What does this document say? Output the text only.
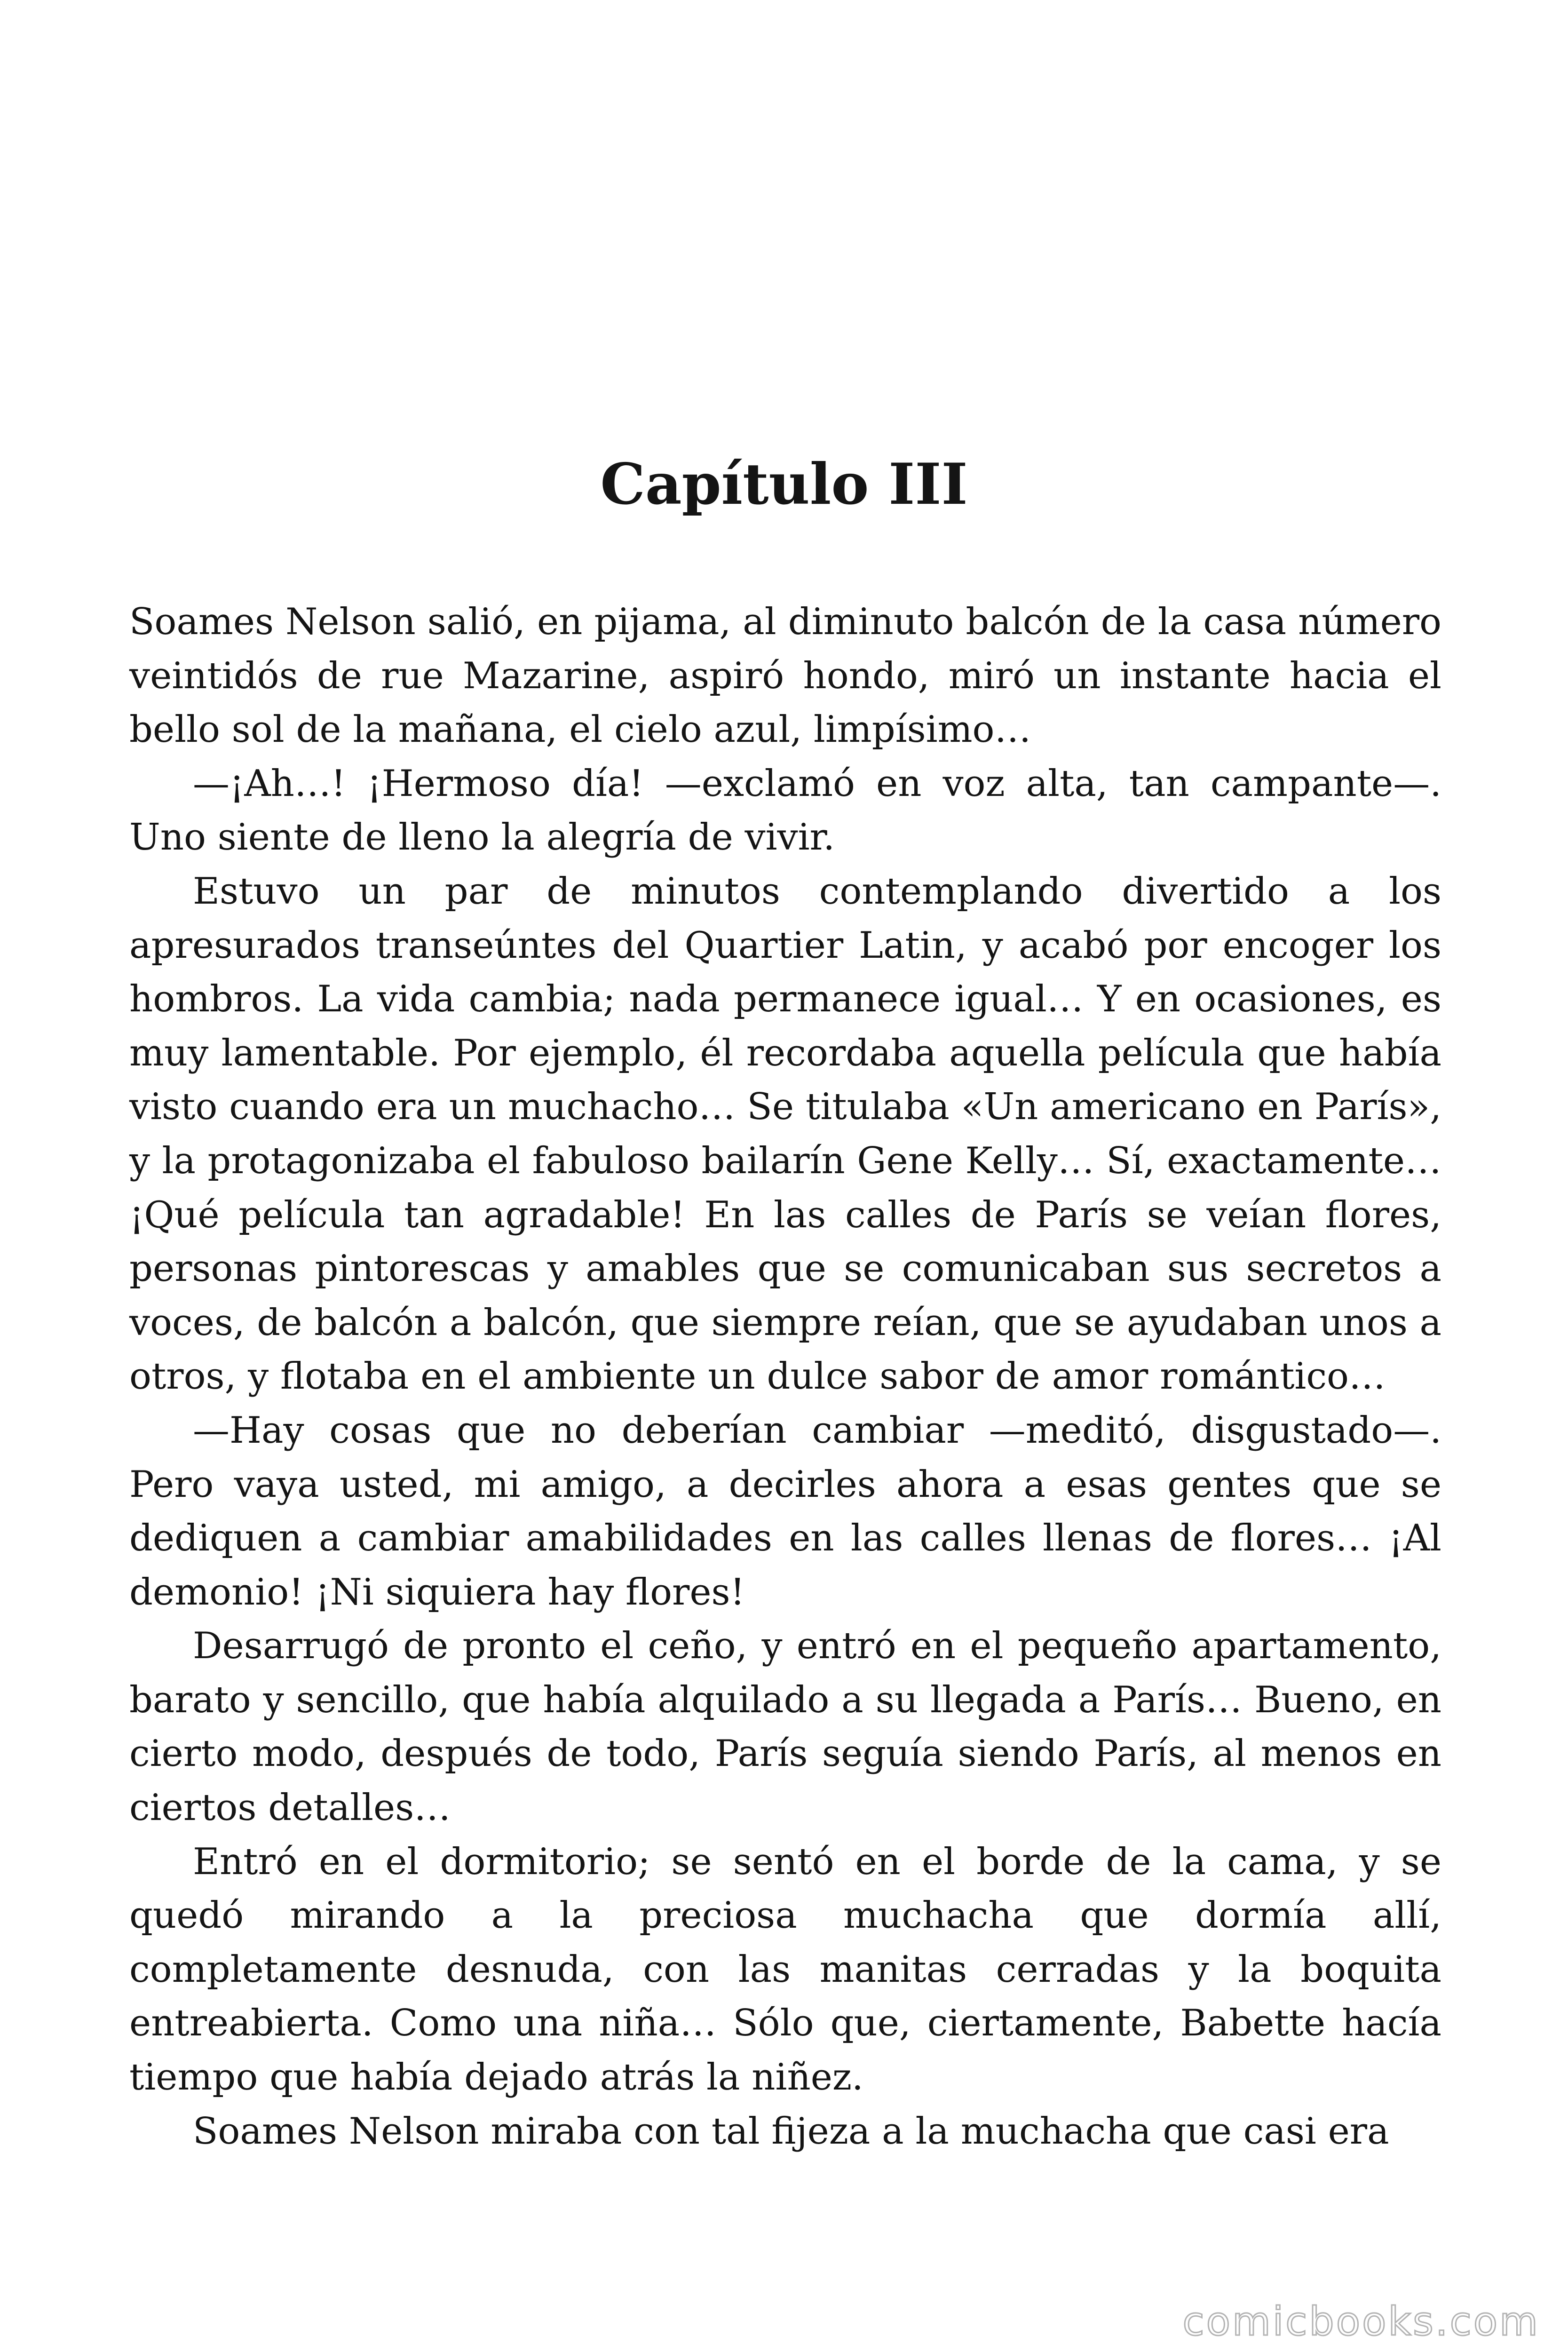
Capítulo III

Soames Nelson salió, en pijama, al diminuto balcón de la casa número veintidós de rue Mazarine, aspiró hondo, miró un instante hacia el bello sol de la mañana, el cielo azul, limpísimo…

—¡Ah…! ¡Hermoso día! —exclamó en voz alta, tan campante—. Uno siente de lleno la alegría de vivir.

Estuvo un par de minutos contemplando divertido a los apresurados transeúntes del Quartier Latin, y acabó por encoger los hombros. La vida cambia; nada permanece igual… Y en ocasiones, es muy lamentable. Por ejemplo, él recordaba aquella película que había visto cuando era un muchacho… Se titulaba «Un americano en París», y la protagonizaba el fabuloso bailarín Gene Kelly… Sí, exactamente… ¡Qué película tan agradable! En las calles de París se veían flores, personas pintorescas y amables que se comunicaban sus secretos a voces, de balcón a balcón, que siempre reían, que se ayudaban unos a otros, y flotaba en el ambiente un dulce sabor de amor romántico…

—Hay cosas que no deberían cambiar —meditó, disgustado—. Pero vaya usted, mi amigo, a decirles ahora a esas gentes que se dediquen a cambiar amabilidades en las calles llenas de flores… ¡Al demonio! ¡Ni siquiera hay flores!

Desarrugó de pronto el ceño, y entró en el pequeño apartamento, barato y sencillo, que había alquilado a su llegada a París… Bueno, en cierto modo, después de todo, París seguía siendo París, al menos en ciertos detalles…

Entró en el dormitorio; se sentó en el borde de la cama, y se quedó mirando a la preciosa muchacha que dormía allí, completamente desnuda, con las manitas cerradas y la boquita entreabierta. Como una niña… Sólo que, ciertamente, Babette hacía tiempo que había dejado atrás la niñez.

Soames Nelson miraba con tal fijeza a la muchacha que casi era

comicbooks.com
